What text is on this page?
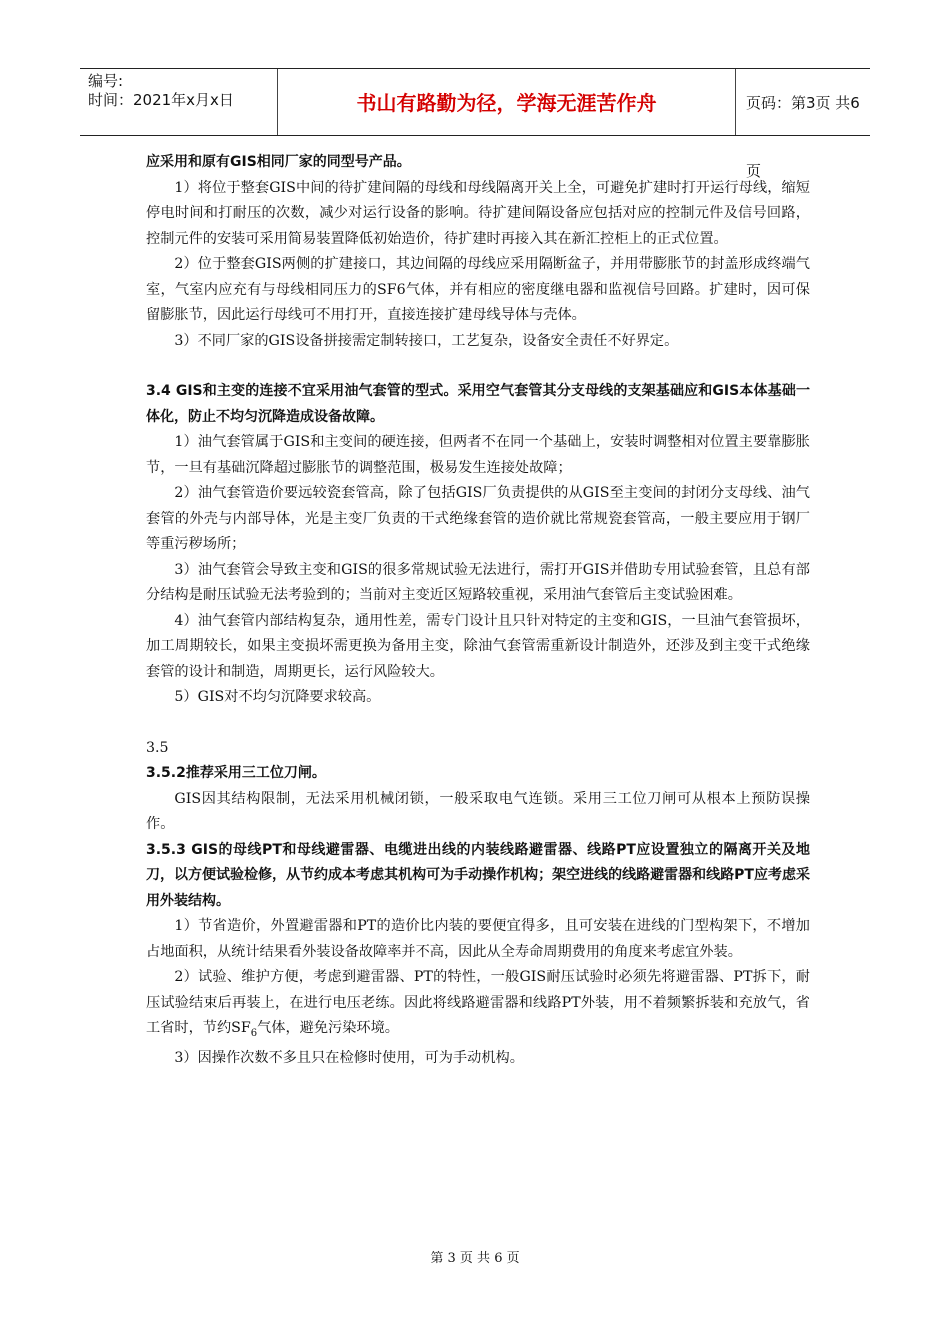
编号:
时间：2021年x月x日	书山有路勤为径，学海无涯苦作舟	页码：第3页 共6页

应采用和原有GIS相同厂家的同型号产品。

1）将位于整套GIS中间的待扩建间隔的母线和母线隔离开关上全，可避免扩建时打开运行母线，缩短停电时间和打耐压的次数，减少对运行设备的影响。待扩建间隔设备应包括对应的控制元件及信号回路，控制元件的安装可采用简易装置降低初始造价，待扩建时再接入其在新汇控柜上的正式位置。

2）位于整套GIS两侧的扩建接口，其边间隔的母线应采用隔断盆子，并用带膨胀节的封盖形成终端气室，气室内应充有与母线相同压力的SF6气体，并有相应的密度继电器和监视信号回路。扩建时，因可保留膨胀节，因此运行母线可不用打开，直接连接扩建母线导体与壳体。

3）不同厂家的GIS设备拼接需定制转接口，工艺复杂，设备安全责任不好界定。

3.4 GIS和主变的连接不宜采用油气套管的型式。采用空气套管其分支母线的支架基础应和GIS本体基础一体化，防止不均匀沉降造成设备故障。

1）油气套管属于GIS和主变间的硬连接，但两者不在同一个基础上，安装时调整相对位置主要靠膨胀节，一旦有基础沉降超过膨胀节的调整范围，极易发生连接处故障；

2）油气套管造价要远较瓷套管高，除了包括GIS厂负责提供的从GIS至主变间的封闭分支母线、油气套管的外壳与内部导体，光是主变厂负责的干式绝缘套管的造价就比常规瓷套管高，一般主要应用于钢厂等重污秽场所；

3）油气套管会导致主变和GIS的很多常规试验无法进行，需打开GIS并借助专用试验套管，且总有部分结构是耐压试验无法考验到的；当前对主变近区短路较重视，采用油气套管后主变试验困难。

4）油气套管内部结构复杂，通用性差，需专门设计且只针对特定的主变和GIS，一旦油气套管损坏，加工周期较长，如果主变损坏需更换为备用主变，除油气套管需重新设计制造外，还涉及到主变干式绝缘套管的设计和制造，周期更长，运行风险较大。

5）GIS对不均匀沉降要求较高。

3.5

3.5.2推荐采用三工位刀闸。

GIS因其结构限制，无法采用机械闭锁，一般采取电气连锁。采用三工位刀闸可从根本上预防误操作。

3.5.3 GIS的母线PT和母线避雷器、电缆进出线的内装线路避雷器、线路PT应设置独立的隔离开关及地刀，以方便试验检修，从节约成本考虑其机构可为手动操作机构；架空进线的线路避雷器和线路PT应考虑采用外装结构。

1）节省造价，外置避雷器和PT的造价比内装的要便宜得多，且可安装在进线的门型构架下，不增加占地面积，从统计结果看外装设备故障率并不高，因此从全寿命周期费用的角度来考虑宜外装。

2）试验、维护方便，考虑到避雷器、PT的特性，一般GIS耐压试验时必须先将避雷器、PT拆下，耐压试验结束后再装上，在进行电压老练。因此将线路避雷器和线路PT外装，用不着频繁拆装和充放气，省工省时，节约$SF_6$气体，避免污染环境。

3）因操作次数不多且只在检修时使用，可为手动机构。

第 3 页 共 6 页
